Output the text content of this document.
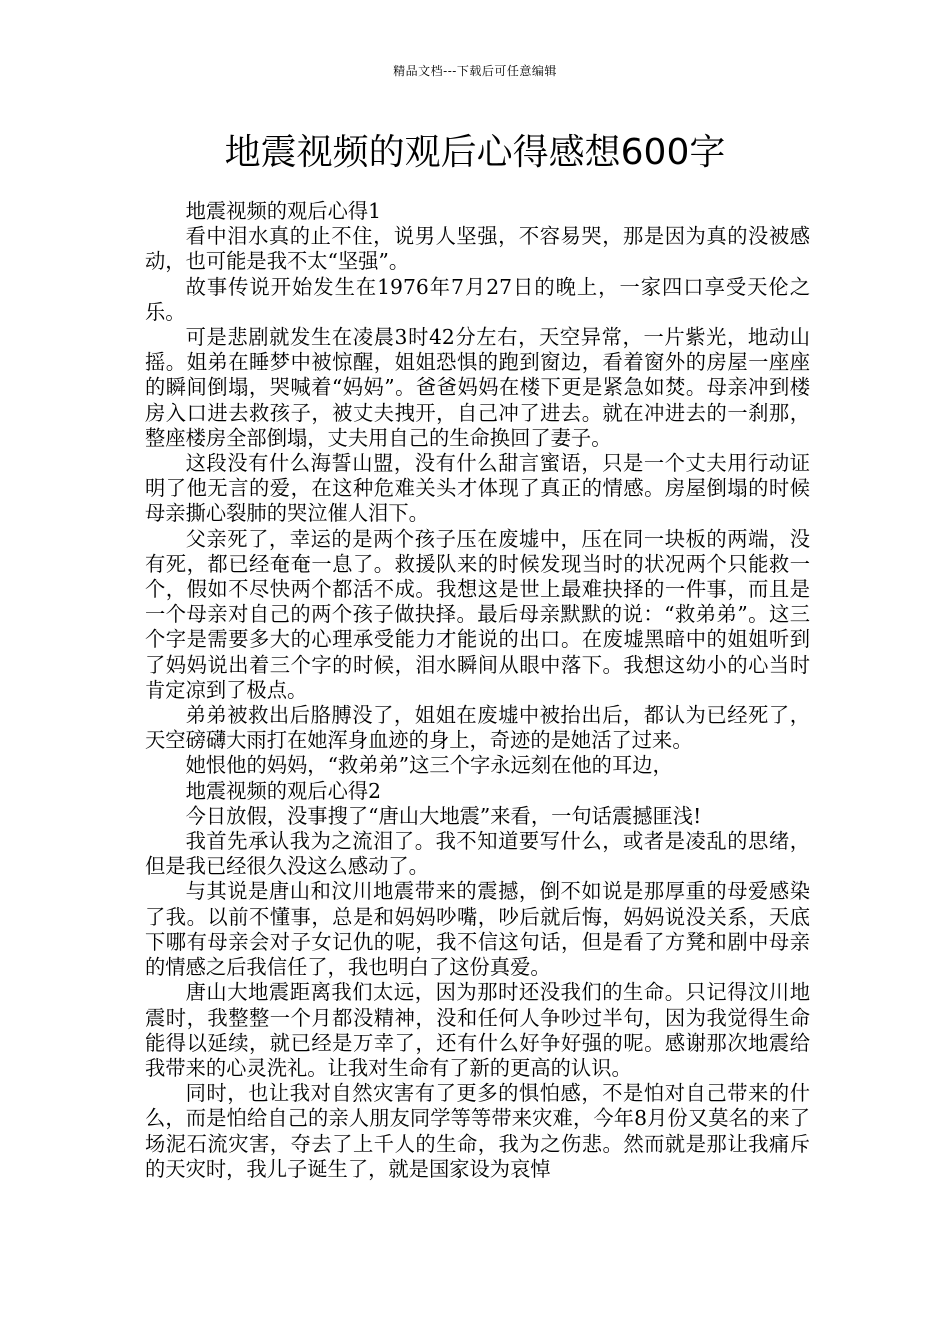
精品文档---下载后可任意编辑
地震视频的观后心得感想600字

地震视频的观后心得1

看中泪水真的止不住，说男人坚强，不容易哭，那是因为真的没被感动，也可能是我不太“坚强”。

故事传说开始发生在1976年7月27日的晚上，一家四口享受天伦之乐。

可是悲剧就发生在凌晨3时42分左右，天空异常，一片紫光，地动山摇。姐弟在睡梦中被惊醒，姐姐恐惧的跑到窗边，看着窗外的房屋一座座的瞬间倒塌，哭喊着“妈妈”。爸爸妈妈在楼下更是紧急如焚。母亲冲到楼房入口进去救孩子，被丈夫拽开，自己冲了进去。就在冲进去的一刹那，整座楼房全部倒塌，丈夫用自己的生命换回了妻子。

这段没有什么海誓山盟，没有什么甜言蜜语，只是一个丈夫用行动证明了他无言的爱，在这种危难关头才体现了真正的情感。房屋倒塌的时候母亲撕心裂肺的哭泣催人泪下。

父亲死了，幸运的是两个孩子压在废墟中，压在同一块板的两端，没有死，都已经奄奄一息了。救援队来的时候发现当时的状况两个只能救一个，假如不尽快两个都活不成。我想这是世上最难抉择的一件事，而且是一个母亲对自己的两个孩子做抉择。最后母亲默默的说：“救弟弟”。这三个字是需要多大的心理承受能力才能说的出口。在废墟黑暗中的姐姐听到了妈妈说出着三个字的时候，泪水瞬间从眼中落下。我想这幼小的心当时肯定凉到了极点。

弟弟被救出后胳膊没了，姐姐在废墟中被抬出后，都认为已经死了，天空磅礴大雨打在她浑身血迹的身上，奇迹的是她活了过来。

她恨他的妈妈，“救弟弟”这三个字永远刻在他的耳边，

地震视频的观后心得2

今日放假，没事搜了“唐山大地震”来看，一句话震撼匪浅!

我首先承认我为之流泪了。我不知道要写什么，或者是凌乱的思绪，但是我已经很久没这么感动了。

与其说是唐山和汶川地震带来的震撼，倒不如说是那厚重的母爱感染了我。以前不懂事，总是和妈妈吵嘴，吵后就后悔，妈妈说没关系，天底下哪有母亲会对子女记仇的呢，我不信这句话，但是看了方凳和剧中母亲的情感之后我信任了，我也明白了这份真爱。

唐山大地震距离我们太远，因为那时还没我们的生命。只记得汶川地震时，我整整一个月都没精神，没和任何人争吵过半句，因为我觉得生命能得以延续，就已经是万幸了，还有什么好争好强的呢。感谢那次地震给我带来的心灵洗礼。让我对生命有了新的更高的认识。

同时，也让我对自然灾害有了更多的惧怕感，不是怕对自己带来的什么，而是怕给自己的亲人朋友同学等等带来灾难，今年8月份又莫名的来了场泥石流灾害，夺去了上千人的生命，我为之伤悲。然而就是那让我痛斥的天灾时，我儿子诞生了，就是国家设为哀悼
